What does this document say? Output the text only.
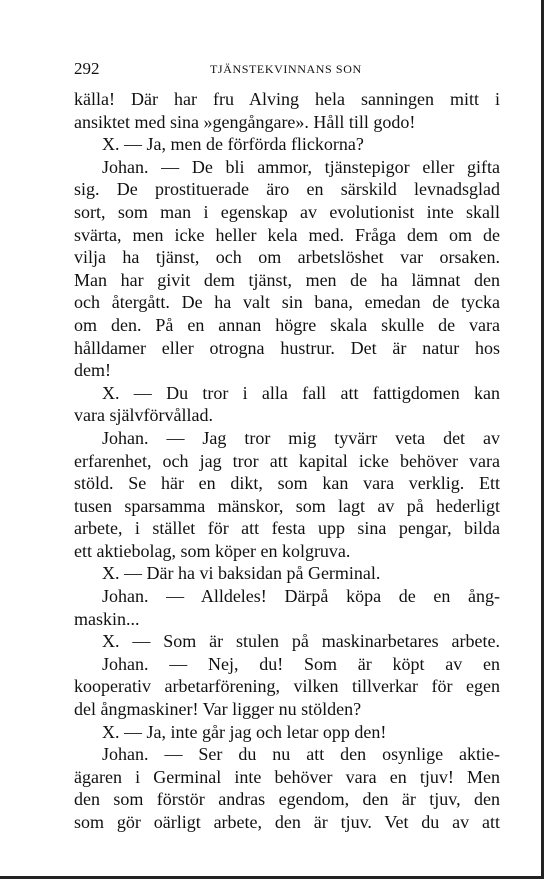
292	TJÄNSTEKVINNANS SON
källa! Där har fru Alving hela sanningen mitt i
ansiktet med sina »gengångare». Håll till godo!
X. — Ja, men de förförda flickorna?
Johan. — De bli ammor, tjänstepigor eller gifta
sig. De prostituerade äro en särskild levnadsglad
sort, som man i egenskap av evolutionist inte skall
svärta, men icke heller kela med. Fråga dem om de
vilja ha tjänst, och om arbetslöshet var orsaken.
Man har givit dem tjänst, men de ha lämnat den
och återgått. De ha valt sin bana, emedan de tycka
om den. På en annan högre skala skulle de vara
hålldamer eller otrogna hustrur. Det är natur hos
dem!
X. — Du tror i alla fall att fattigdomen kan
vara självförvållad.
Johan. — Jag tror mig tyvärr veta det av
erfarenhet, och jag tror att kapital icke behöver vara
stöld. Se här en dikt, som kan vara verklig. Ett
tusen sparsamma mänskor, som lagt av på hederligt
arbete, i stället för att festa upp sina pengar, bilda
ett aktiebolag, som köper en kolgruva.
X. — Där ha vi baksidan på Germinal.
Johan. — Alldeles! Därpå köpa de en ång-
maskin...
X. — Som är stulen på maskinarbetares arbete.
Johan. — Nej, du! Som är köpt av en
kooperativ arbetarförening, vilken tillverkar för egen
del ångmaskiner! Var ligger nu stölden?
X. — Ja, inte går jag och letar opp den!
Johan. — Ser du nu att den osynlige aktie-
ägaren i Germinal inte behöver vara en tjuv! Men
den som förstör andras egendom, den är tjuv, den
som gör oärligt arbete, den är tjuv. Vet du av att
